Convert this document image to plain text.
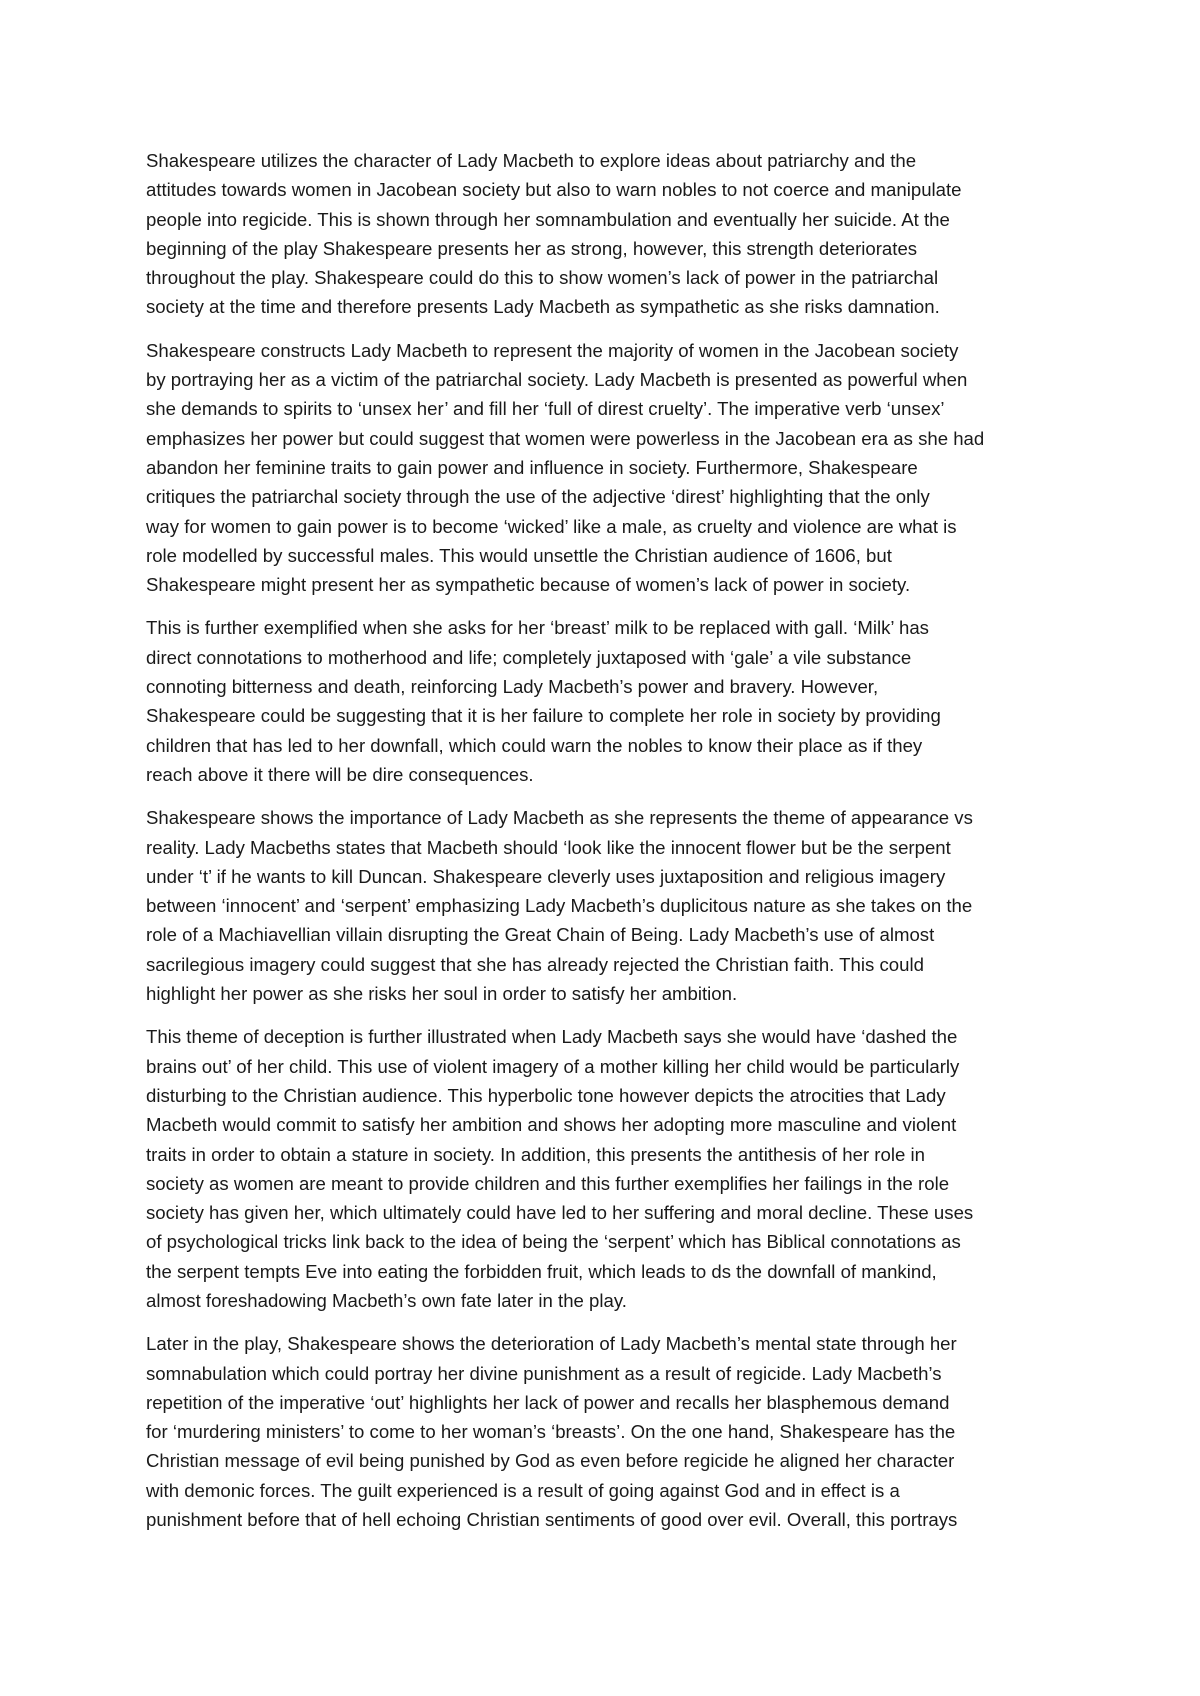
Shakespeare utilizes the character of Lady Macbeth to explore ideas about patriarchy and the
attitudes towards women in Jacobean society but also to warn nobles to not coerce and manipulate
people into regicide. This is shown through her somnambulation and eventually her suicide. At the
beginning of the play Shakespeare presents her as strong, however, this strength deteriorates
throughout the play. Shakespeare could do this to show women’s lack of power in the patriarchal
society at the time and therefore presents Lady Macbeth as sympathetic as she risks damnation.

Shakespeare constructs Lady Macbeth to represent the majority of women in the Jacobean society
by portraying her as a victim of the patriarchal society. Lady Macbeth is presented as powerful when
she demands to spirits to ‘unsex her’ and fill her ‘full of direst cruelty’. The imperative verb ‘unsex’
emphasizes her power but could suggest that women were powerless in the Jacobean era as she had
abandon her feminine traits to gain power and influence in society. Furthermore, Shakespeare
critiques the patriarchal society through the use of the adjective ‘direst’ highlighting that the only
way for women to gain power is to become ‘wicked’ like a male, as cruelty and violence are what is
role modelled by successful males. This would unsettle the Christian audience of 1606, but
Shakespeare might present her as sympathetic because of women’s lack of power in society.

This is further exemplified when she asks for her ‘breast’ milk to be replaced with gall. ‘Milk’ has
direct connotations to motherhood and life; completely juxtaposed with ‘gale’ a vile substance
connoting bitterness and death, reinforcing Lady Macbeth’s power and bravery. However,
Shakespeare could be suggesting that it is her failure to complete her role in society by providing
children that has led to her downfall, which could warn the nobles to know their place as if they
reach above it there will be dire consequences.

Shakespeare shows the importance of Lady Macbeth as she represents the theme of appearance vs
reality. Lady Macbeths states that Macbeth should ‘look like the innocent flower but be the serpent
under ‘t’ if he wants to kill Duncan. Shakespeare cleverly uses juxtaposition and religious imagery
between ‘innocent’ and ‘serpent’ emphasizing Lady Macbeth’s duplicitous nature as she takes on the
role of a Machiavellian villain disrupting the Great Chain of Being. Lady Macbeth’s use of almost
sacrilegious imagery could suggest that she has already rejected the Christian faith. This could
highlight her power as she risks her soul in order to satisfy her ambition.

This theme of deception is further illustrated when Lady Macbeth says she would have ‘dashed the
brains out’ of her child. This use of violent imagery of a mother killing her child would be particularly
disturbing to the Christian audience. This hyperbolic tone however depicts the atrocities that Lady
Macbeth would commit to satisfy her ambition and shows her adopting more masculine and violent
traits in order to obtain a stature in society. In addition, this presents the antithesis of her role in
society as women are meant to provide children and this further exemplifies her failings in the role
society has given her, which ultimately could have led to her suffering and moral decline. These uses
of psychological tricks link back to the idea of being the ‘serpent’ which has Biblical connotations as
the serpent tempts Eve into eating the forbidden fruit, which leads to ds the downfall of mankind,
almost foreshadowing Macbeth’s own fate later in the play.

Later in the play, Shakespeare shows the deterioration of Lady Macbeth’s mental state through her
somnabulation which could portray her divine punishment as a result of regicide. Lady Macbeth’s
repetition of the imperative ‘out’ highlights her lack of power and recalls her blasphemous demand
for ‘murdering ministers’ to come to her woman’s ‘breasts’. On the one hand, Shakespeare has the
Christian message of evil being punished by God as even before regicide he aligned her character
with demonic forces. The guilt experienced is a result of going against God and in effect is a
punishment before that of hell echoing Christian sentiments of good over evil. Overall, this portrays
